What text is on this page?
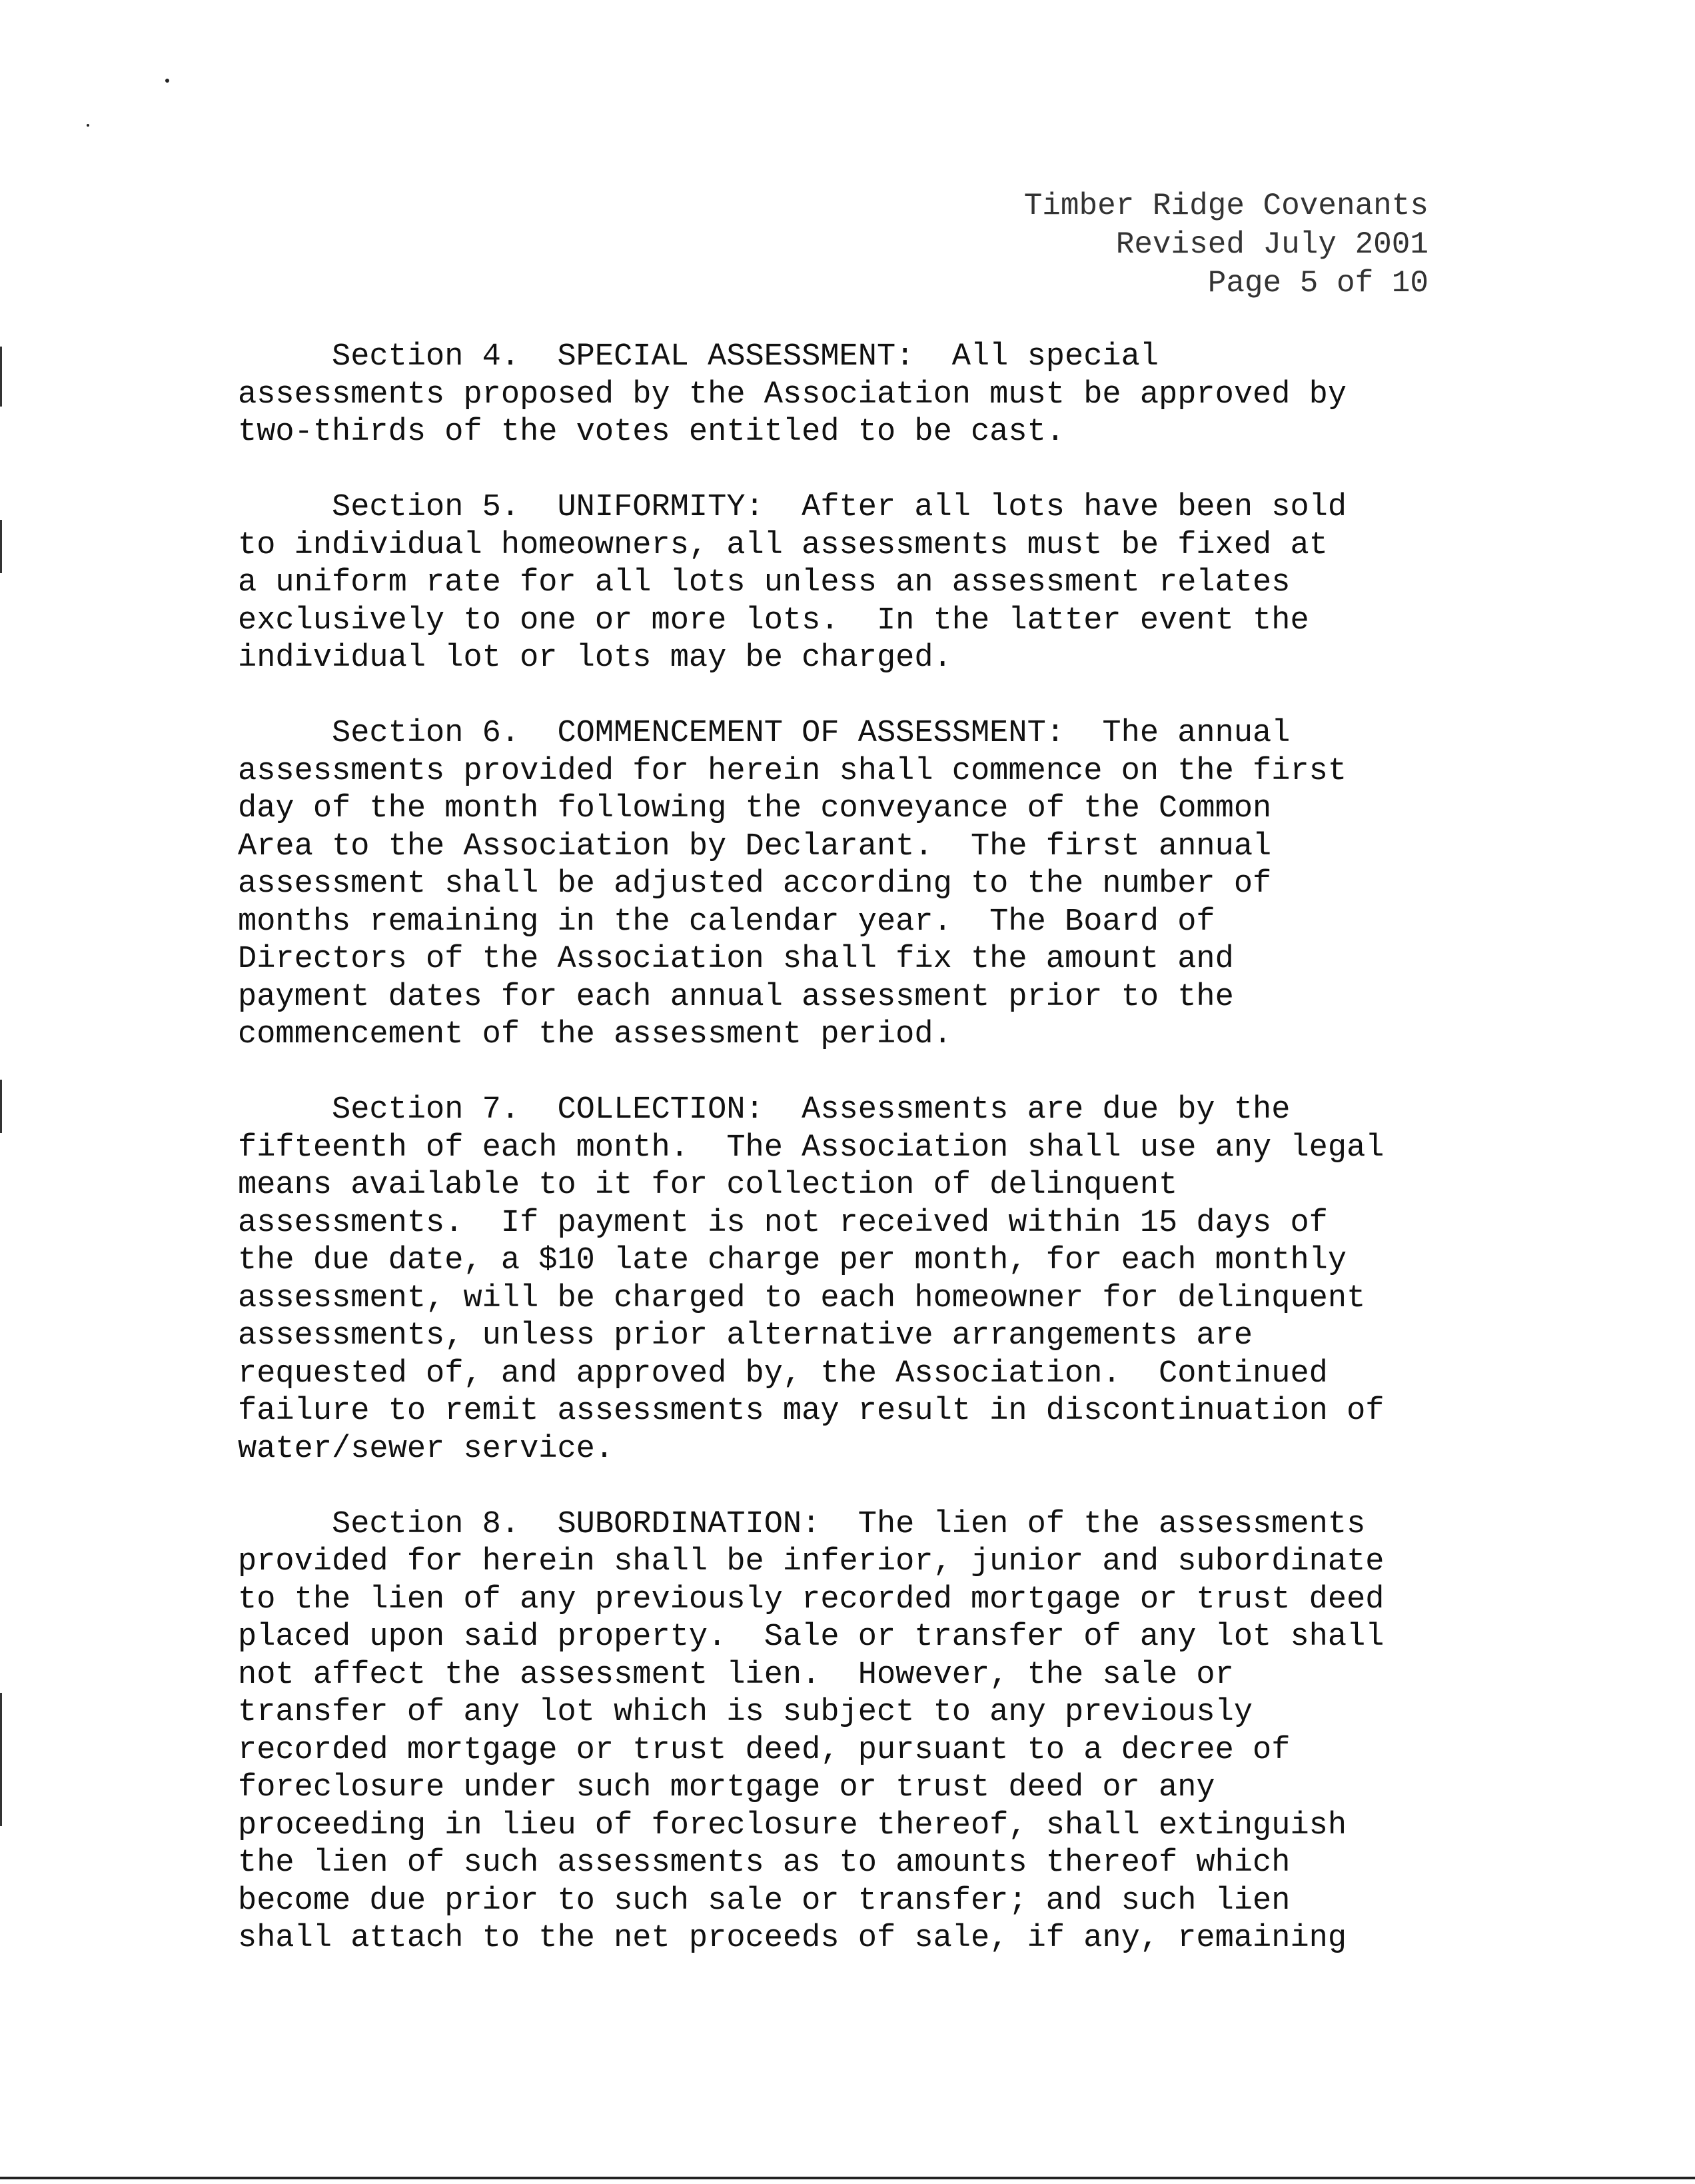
Timber Ridge Covenants
Revised July 2001
Page 5 of 10
Section 4.  SPECIAL ASSESSMENT:  All special
assessments proposed by the Association must be approved by
two-thirds of the votes entitled to be cast.
Section 5.  UNIFORMITY:  After all lots have been sold
to individual homeowners, all assessments must be fixed at
a uniform rate for all lots unless an assessment relates
exclusively to one or more lots.  In the latter event the
individual lot or lots may be charged.
Section 6.  COMMENCEMENT OF ASSESSMENT:  The annual
assessments provided for herein shall commence on the first
day of the month following the conveyance of the Common
Area to the Association by Declarant.  The first annual
assessment shall be adjusted according to the number of
months remaining in the calendar year.  The Board of
Directors of the Association shall fix the amount and
payment dates for each annual assessment prior to the
commencement of the assessment period.
Section 7.  COLLECTION:  Assessments are due by the
fifteenth of each month.  The Association shall use any legal
means available to it for collection of delinquent
assessments.  If payment is not received within 15 days of
the due date, a $10 late charge per month, for each monthly
assessment, will be charged to each homeowner for delinquent
assessments, unless prior alternative arrangements are
requested of, and approved by, the Association.  Continued
failure to remit assessments may result in discontinuation of
water/sewer service.
Section 8.  SUBORDINATION:  The lien of the assessments
provided for herein shall be inferior, junior and subordinate
to the lien of any previously recorded mortgage or trust deed
placed upon said property.  Sale or transfer of any lot shall
not affect the assessment lien.  However, the sale or
transfer of any lot which is subject to any previously
recorded mortgage or trust deed, pursuant to a decree of
foreclosure under such mortgage or trust deed or any
proceeding in lieu of foreclosure thereof, shall extinguish
the lien of such assessments as to amounts thereof which
become due prior to such sale or transfer; and such lien
shall attach to the net proceeds of sale, if any, remaining
